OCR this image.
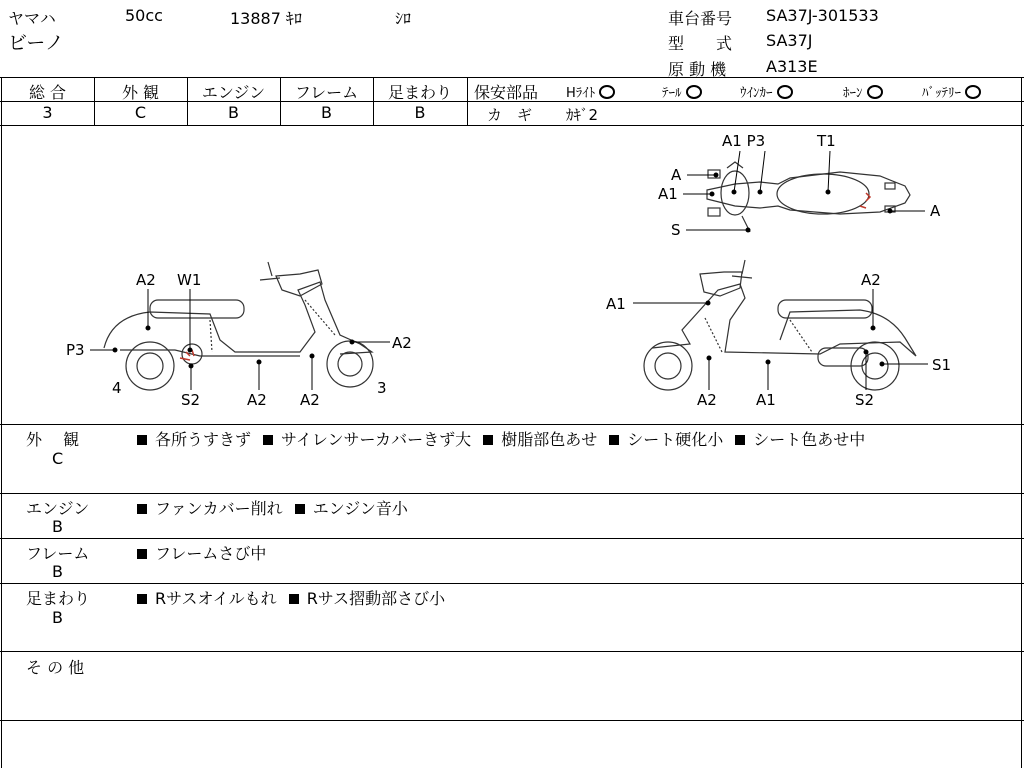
ヤマハ	50cc	13887 ｷﾛ	ｼﾛ
ビーノ
車台番号 SA37J-301533
型　　式 SA37J
原 動 機 A313E
総 合
3
外 観
C
エンジン
B
フレーム
B
足まわり
B
保安部品 Hﾗｲﾄ	ﾃｰﾙ	ｳｲﾝｶｰ	ﾎｰﾝ	ﾊﾞｯﾃﾘｰ
カ　ギ ｶｷﾞ2
A1 P3	T1
A
A1
A
S
A2 W1
P3	A2
4	3
S2	A2 A2
A2
A1
S1
A2	A1	S2
外　 観
C
各所うすきず サイレンサーカバーきず大 樹脂部色あせ シート硬化小 シート色あせ中
エンジン
B
ファンカバー削れ エンジン音小
フレーム
B
フレームさび中
足まわり
B
Rサスオイルもれ Rサス摺動部さび小
そ の 他
